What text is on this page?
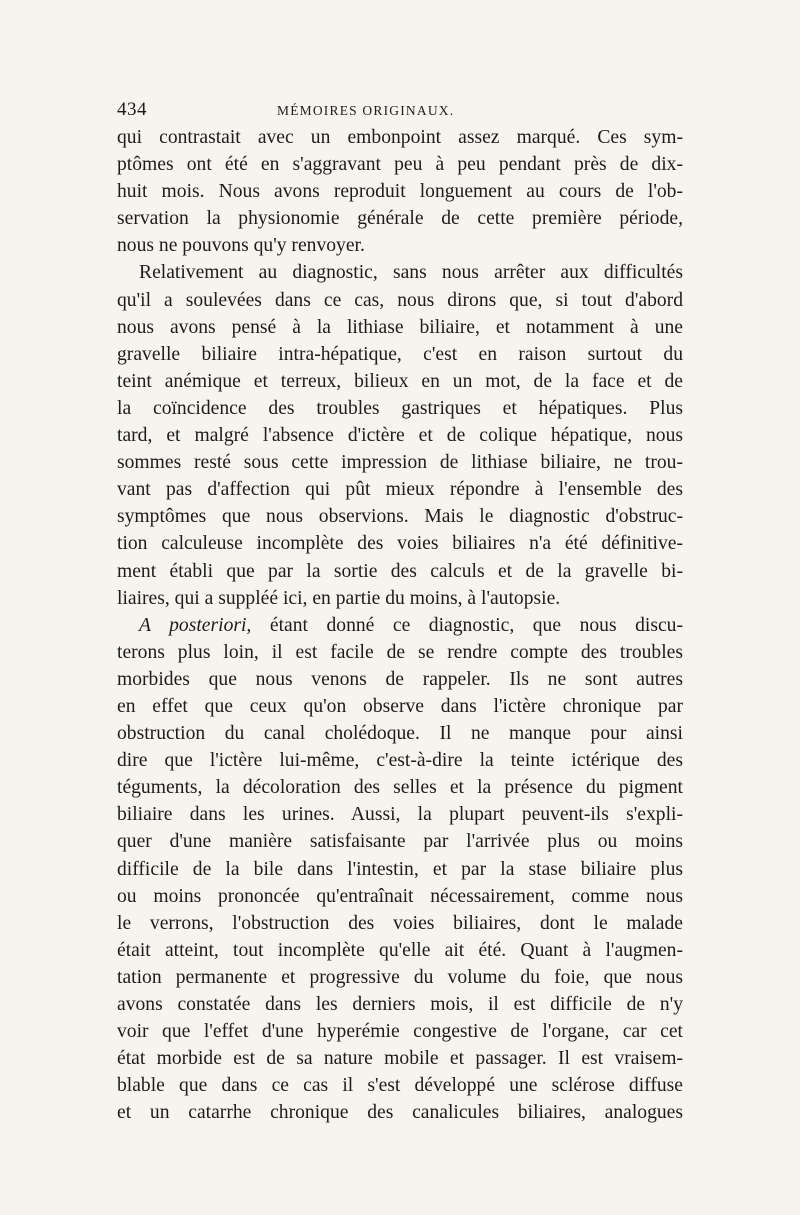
434	MÉMOIRES ORIGINAUX.
qui contrastait avec un embonpoint assez marqué. Ces sym-
ptômes ont été en s'aggravant peu à peu pendant près de dix-
huit mois. Nous avons reproduit longuement au cours de l'ob-
servation la physionomie générale de cette première période,
nous ne pouvons qu'y renvoyer.
Relativement au diagnostic, sans nous arrêter aux difficultés
qu'il a soulevées dans ce cas, nous dirons que, si tout d'abord
nous avons pensé à la lithiase biliaire, et notamment à une
gravelle biliaire intra-hépatique, c'est en raison surtout du
teint anémique et terreux, bilieux en un mot, de la face et de
la coïncidence des troubles gastriques et hépatiques. Plus
tard, et malgré l'absence d'ictère et de colique hépatique, nous
sommes resté sous cette impression de lithiase biliaire, ne trou-
vant pas d'affection qui pût mieux répondre à l'ensemble des
symptômes que nous observions. Mais le diagnostic d'obstruc-
tion calculeuse incomplète des voies biliaires n'a été définitive-
ment établi que par la sortie des calculs et de la gravelle bi-
liaires, qui a suppléé ici, en partie du moins, à l'autopsie.
A posteriori, étant donné ce diagnostic, que nous discu-
terons plus loin, il est facile de se rendre compte des troubles
morbides que nous venons de rappeler. Ils ne sont autres
en effet que ceux qu'on observe dans l'ictère chronique par
obstruction du canal cholédoque. Il ne manque pour ainsi
dire que l'ictère lui-même, c'est-à-dire la teinte ictérique des
téguments, la décoloration des selles et la présence du pigment
biliaire dans les urines. Aussi, la plupart peuvent-ils s'expli-
quer d'une manière satisfaisante par l'arrivée plus ou moins
difficile de la bile dans l'intestin, et par la stase biliaire plus
ou moins prononcée qu'entraînait nécessairement, comme nous
le verrons, l'obstruction des voies biliaires, dont le malade
était atteint, tout incomplète qu'elle ait été. Quant à l'augmen-
tation permanente et progressive du volume du foie, que nous
avons constatée dans les derniers mois, il est difficile de n'y
voir que l'effet d'une hyperémie congestive de l'organe, car cet
état morbide est de sa nature mobile et passager. Il est vraisem-
blable que dans ce cas il s'est développé une sclérose diffuse
et un catarrhe chronique des canalicules biliaires, analogues
